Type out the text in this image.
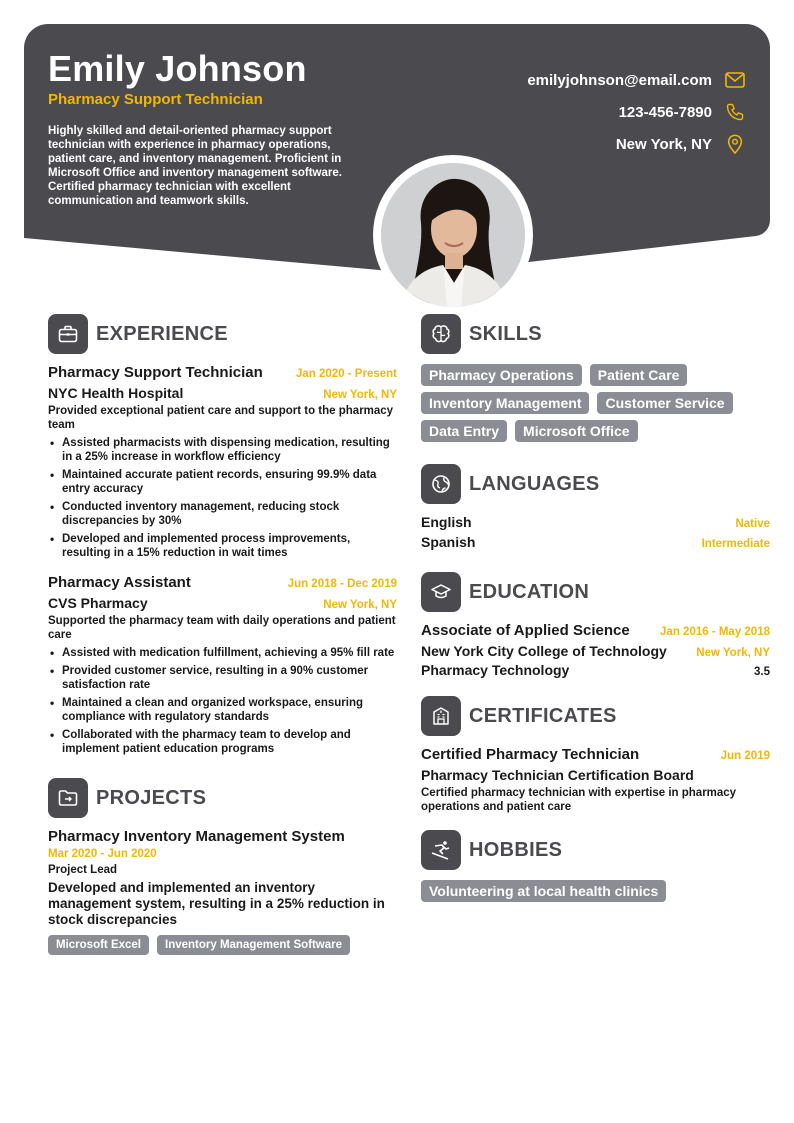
Emily Johnson
Pharmacy Support Technician
Highly skilled and detail-oriented pharmacy support technician with experience in pharmacy operations, patient care, and inventory management. Proficient in Microsoft Office and inventory management software. Certified pharmacy technician with excellent communication and teamwork skills.
emilyjohnson@email.com
123-456-7890
New York, NY
EXPERIENCE
Pharmacy Support Technician	Jan 2020 - Present
NYC Health Hospital	New York, NY
Provided exceptional patient care and support to the pharmacy team
• Assisted pharmacists with dispensing medication, resulting in a 25% increase in workflow efficiency
• Maintained accurate patient records, ensuring 99.9% data entry accuracy
• Conducted inventory management, reducing stock discrepancies by 30%
• Developed and implemented process improvements, resulting in a 15% reduction in wait times
Pharmacy Assistant	Jun 2018 - Dec 2019
CVS Pharmacy	New York, NY
Supported the pharmacy team with daily operations and patient care
• Assisted with medication fulfillment, achieving a 95% fill rate
• Provided customer service, resulting in a 90% customer satisfaction rate
• Maintained a clean and organized workspace, ensuring compliance with regulatory standards
• Collaborated with the pharmacy team to develop and implement patient education programs
PROJECTS
Pharmacy Inventory Management System
Mar 2020 - Jun 2020
Project Lead
Developed and implemented an inventory management system, resulting in a 25% reduction in stock discrepancies
Microsoft Excel	Inventory Management Software
SKILLS
Pharmacy Operations	Patient Care
Inventory Management	Customer Service
Data Entry	Microsoft Office
LANGUAGES
English	Native
Spanish	Intermediate
EDUCATION
Associate of Applied Science	Jan 2016 - May 2018
New York City College of Technology	New York, NY
Pharmacy Technology	3.5
CERTIFICATES
Certified Pharmacy Technician	Jun 2019
Pharmacy Technician Certification Board
Certified pharmacy technician with expertise in pharmacy operations and patient care
HOBBIES
Volunteering at local health clinics
